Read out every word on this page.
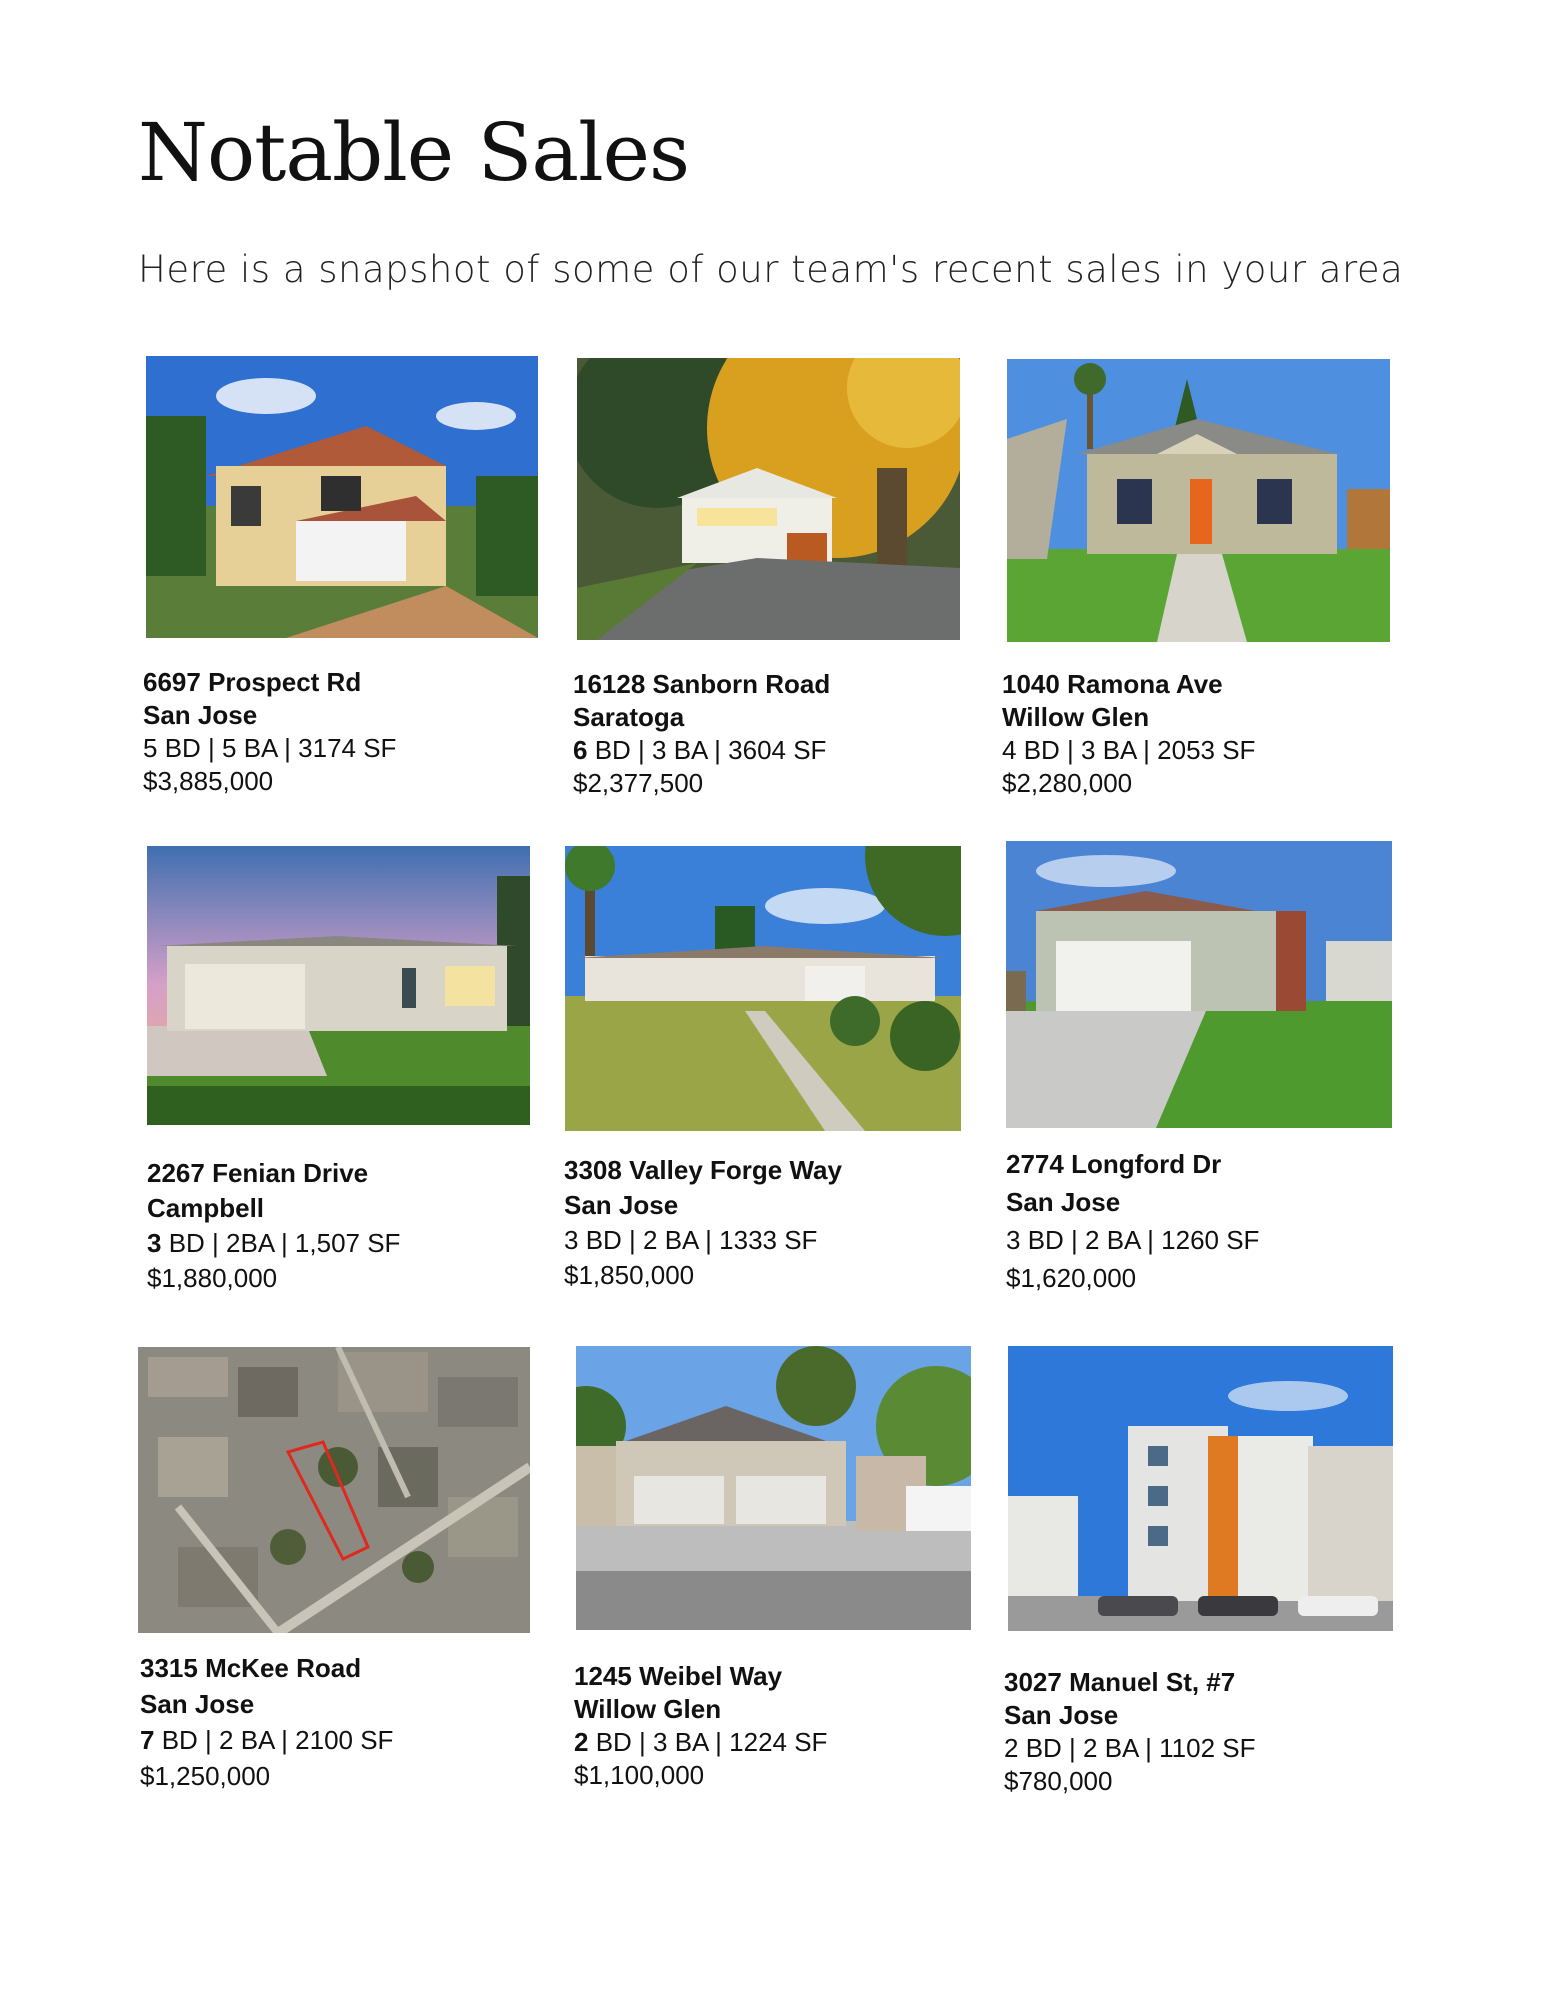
Notable Sales
Here is a snapshot of some of our team's recent sales in your area
6697 Prospect Rd
San Jose
5 BD | 5 BA | 3174 SF
$3,885,000
16128 Sanborn Road
Saratoga
6 BD | 3 BA | 3604 SF
$2,377,500
1040 Ramona Ave
Willow Glen
4 BD | 3 BA | 2053 SF
$2,280,000
2267 Fenian Drive
Campbell
3 BD | 2BA | 1,507 SF
$1,880,000
3308 Valley Forge Way
San Jose
3 BD | 2 BA | 1333 SF
$1,850,000
2774 Longford Dr
San Jose
3 BD | 2 BA | 1260 SF
$1,620,000
3315 McKee Road
San Jose
7 BD | 2 BA | 2100 SF
$1,250,000
1245 Weibel Way
Willow Glen
2 BD | 3 BA | 1224 SF
$1,100,000
3027 Manuel St, #7
San Jose
2 BD | 2 BA | 1102 SF
$780,000
